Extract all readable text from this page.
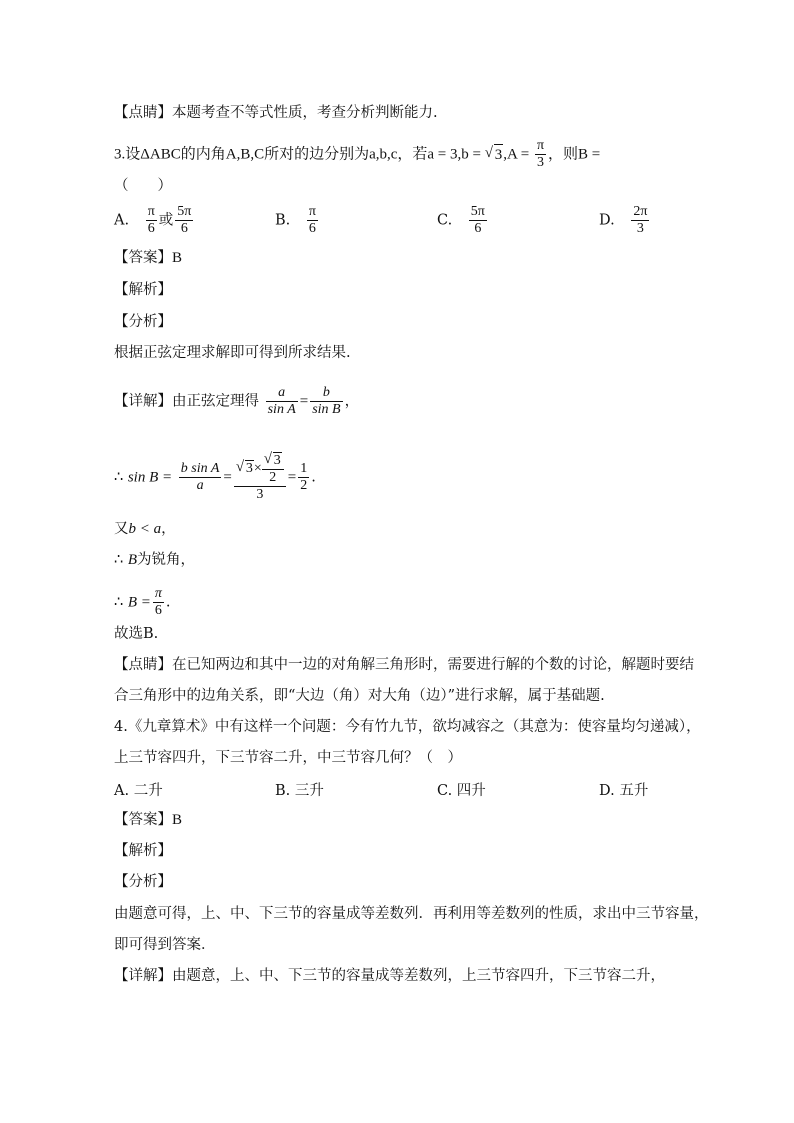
【点睛】本题考查不等式性质，考查分析判断能力.
3.设ΔABC的内角A,B,C所对的边分别为a,b,c，若a = 3,b = √ $3,A = \frac{\pi}{3}$ ，则B =
（　　）
A. $\frac{\pi}{6}$ 或 $\frac{5\pi}{6}$	B. $\frac{\pi}{6}$	C. $\frac{5\pi}{6}$	D. $\frac{2\pi}{3}$
【答案】B
【解析】
【分析】
根据正弦定理求解即可得到所求结果.
【详解】由正弦定理得 $\frac{a}{\text{sin A}} = \frac{b}{\text{sin B}}$ ，
∴ $\sin B = \frac{\text{b sin A}}{a}$ =
√ 3×
√ $\frac{3}{2}$
$3 = \frac{1}{2}$ .
又b < a，
∴ B为锐角，
∴ $B = \frac{\pi}{6}$ .
故选B.
【点睛】在已知两边和其中一边的对角解三角形时，需要进行解的个数的讨论，解题时要结
合三角形中的边角关系，即“大边（角）对大角（边）”进行求解，属于基础题.
4.《九章算术》中有这样一个问题：今有竹九节，欲均减容之（其意为：使容量均匀递减），
上三节容四升，下三节容二升，中三节容几何？（　）
A. 二升	B. 三升	C. 四升	D. 五升
【答案】B
【解析】
【分析】
由题意可得，上、中、下三节的容量成等差数列．再利用等差数列的性质，求出中三节容量，
即可得到答案．
【详解】由题意，上、中、下三节的容量成等差数列，上三节容四升，下三节容二升，
